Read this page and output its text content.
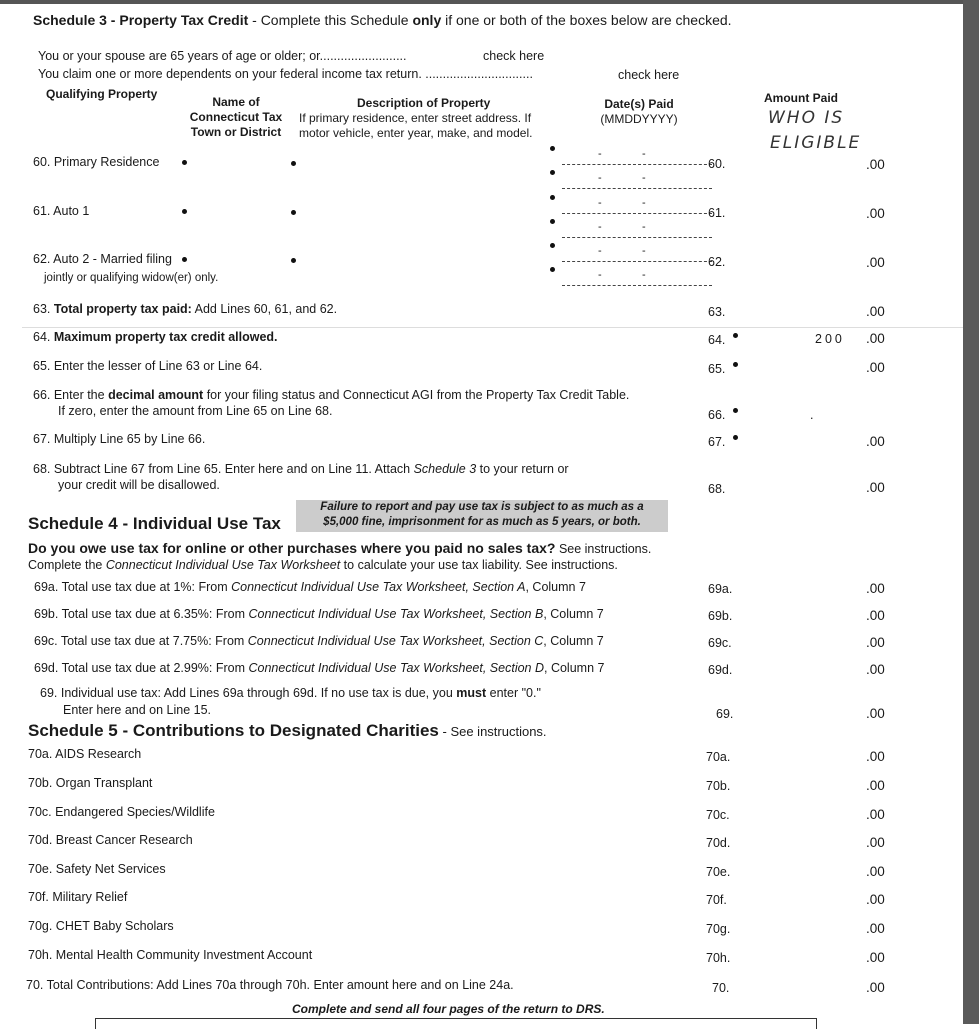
Schedule 3 - Property Tax Credit - Complete this Schedule only if one or both of the boxes below are checked.
You or your spouse are 65 years of age or older; or.........................	check here
You claim one or more dependents on your federal income tax return. ...............................	check here
Qualifying Property
Name of
Connecticut Tax
Town or District
Description of Property
If primary residence, enter street address. If
motor vehicle, enter year, make, and model.
Date(s) Paid
(MMDDYYYY)
Amount Paid
WHO IS
ELIGIBLE
60. Primary Residence
-	-
-	-
60.	.00
61. Auto 1
-	-
-	-
61.	.00
62. Auto 2 - Married filing
jointly or qualifying widow(er) only.
-	-
-	-
62.	.00
63. Total property tax paid: Add Lines 60, 61, and 62.	63.	.00
64. Maximum property tax credit allowed.	64.	200 .00
65. Enter the lesser of Line 63 or Line 64.	65.	.00
66. Enter the decimal amount for your filing status and Connecticut AGI from the Property Tax Credit Table.
If zero, enter the amount from Line 65 on Line 68.	66.	.
67. Multiply Line 65 by Line 66.	67.	.00
68. Subtract Line 67 from Line 65. Enter here and on Line 11. Attach Schedule 3 to your return or
your credit will be disallowed.	68.	.00
Failure to report and pay use tax is subject to as much as a
$5,000 fine, imprisonment for as much as 5 years, or both.
Schedule 4 - Individual Use Tax
Do you owe use tax for online or other purchases where you paid no sales tax? See instructions.
Complete the Connecticut Individual Use Tax Worksheet to calculate your use tax liability. See instructions.
69a. Total use tax due at 1%: From Connecticut Individual Use Tax Worksheet, Section A, Column 7	69a.	.00
69b. Total use tax due at 6.35%: From Connecticut Individual Use Tax Worksheet, Section B, Column 7	69b.	.00
69c. Total use tax due at 7.75%: From Connecticut Individual Use Tax Worksheet, Section C, Column 7	69c.	.00
69d. Total use tax due at 2.99%: From Connecticut Individual Use Tax Worksheet, Section D, Column 7	69d.	.00
69. Individual use tax: Add Lines 69a through 69d. If no use tax is due, you must enter "0."
Enter here and on Line 15.	69.	.00
Schedule 5 - Contributions to Designated Charities - See instructions.
70a. AIDS Research	70a.	.00
70b. Organ Transplant	70b.	.00
70c. Endangered Species/Wildlife	70c.	.00
70d. Breast Cancer Research	70d.	.00
70e. Safety Net Services	70e.	.00
70f. Military Relief	70f.	.00
70g. CHET Baby Scholars	70g.	.00
70h. Mental Health Community Investment Account	70h.	.00
70. Total Contributions: Add Lines 70a through 70h. Enter amount here and on Line 24a.	70.	.00
Complete and send all four pages of the return to DRS.
